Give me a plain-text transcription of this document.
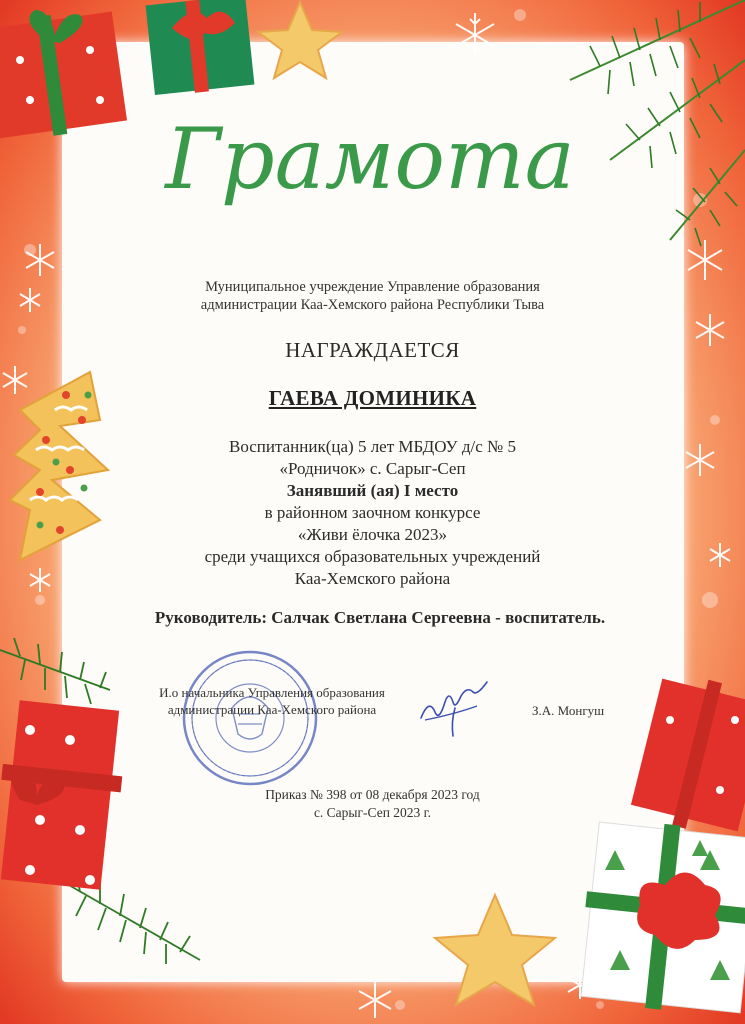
Грамота
Муниципальное учреждение Управление образования
администрации Каа-Хемского района Республики Тыва
НАГРАЖДАЕТСЯ
ГАЕВА ДОМИНИКА
Воспитанник(ца) 5 лет МБДОУ д/с № 5
«Родничок» с. Сарыг-Сеп
Занявший (ая) I место
в районном заочном конкурсе
«Живи ёлочка 2023»
среди учащихся образовательных учреждений
Каа-Хемского района
Руководитель: Салчак Светлана Сергеевна - воспитатель.
И.о начальника Управления образования
администрации Каа-Хемского района	З.А. Монгуш
Приказ № 398 от 08 декабря 2023 год
с. Сарыг-Сеп 2023 г.
